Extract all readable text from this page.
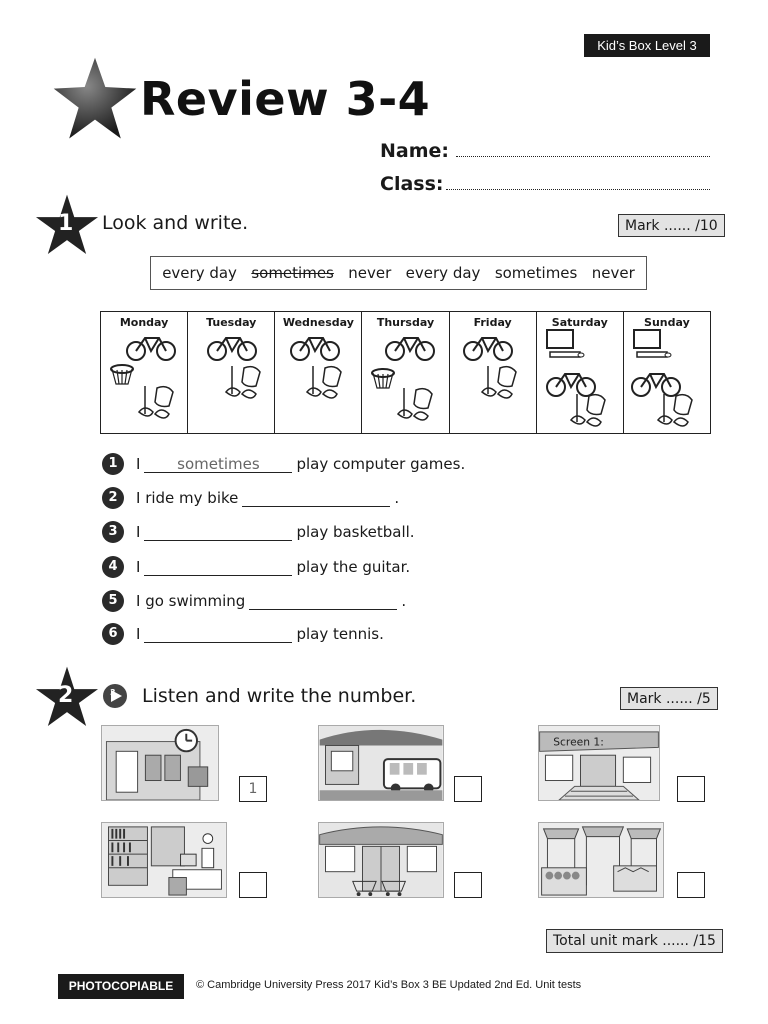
Kid’s Box Level 3
Review 3-4
Name:
Class:
1 Look and write.	Mark ...... /10
every day sometimes never every day sometimes never
Monday	Tuesday	Wednesday	Thursday	Friday	Saturday	Sunday
1	I	sometimes	play computer games.
2	I ride my bike	.
3	I	play basketball.
4	I	play the guitar.
5	I go swimming	.
6	I	play tennis.
2	3 Listen and write the number.	Mark ...... /5
1
Screen 1:
Total unit mark ...... /15
PHOTOCOPIABLE	© Cambridge University Press 2017 Kid’s Box 3 BE Updated 2nd Ed. Unit tests
